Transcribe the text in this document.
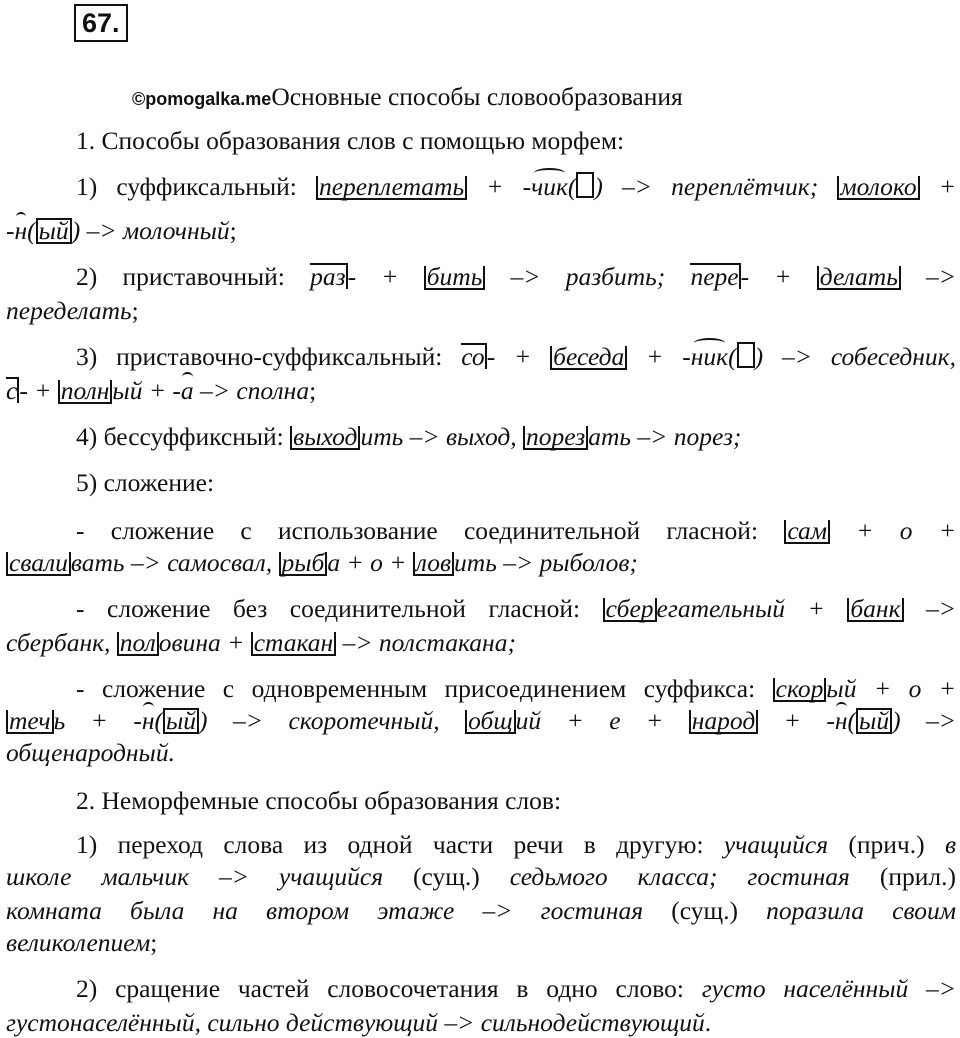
67.
©pomogalka.meОсновные способы словообразования
1. Способы образования слов с помощью морфем:
1) суффиксальный: переплетать + -чик( ) –> переплётчик; молоко +
-н( ый ) –> молочный;
2) приставочный: раз- + бить –> разбить; пере- + делать –>
переделать;
3) приставочно-суффиксальный: со- + беседа + -ник( ) –> собеседник,
с- + полн ый + -а –> сполна;
4) бессуффиксный: выход ить –> выход, порез ать –> порез;
5) сложение:
- сложение с использование соединительной гласной: сам + о +
свали вать –> самосвал, рыб а + о + лов ить –> рыболов;
- сложение без соединительной гласной: сбер егательный + банк –>
сбербанк, пол овина + стакан –> полстакана;
- сложение с одновременным присоединением суффикса: скор ый + о +
теч ь + -н( ый ) –> скоротечный, общ ий + е + народ + -н( ый ) –>
общенародный.
2. Неморфемные способы образования слов:
1) переход слова из одной части речи в другую: учащийся (прич.) в
школе мальчик –> учащийся (сущ.) седьмого класса; гостиная (прил.)
комната была на втором этаже –> гостиная (сущ.) поразила своим
великолепием;
2) сращение частей словосочетания в одно слово: густо населённый –>
густонаселённый, сильно действующий –> сильнодействующий.
